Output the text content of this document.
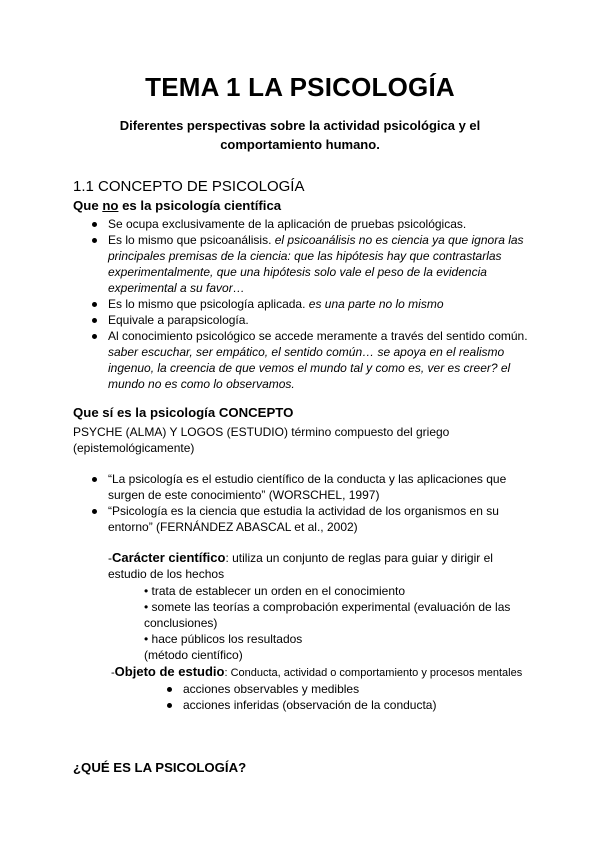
TEMA 1 LA PSICOLOGÍA
Diferentes perspectivas sobre la actividad psicológica y el comportamiento humano.
1.1 CONCEPTO DE PSICOLOGÍA
Que no es la psicología científica
Se ocupa exclusivamente de la aplicación de pruebas psicológicas.
Es lo mismo que psicoanálisis. el psicoanálisis no es ciencia ya que ignora las principales premisas de la ciencia: que las hipótesis hay que contrastarlas experimentalmente, que una hipótesis solo vale el peso de la evidencia experimental a su favor…
Es lo mismo que psicología aplicada. es una parte no lo mismo
Equivale a parapsicología.
Al conocimiento psicológico se accede meramente a través del sentido común. saber escuchar, ser empático, el sentido común… se apoya en el realismo ingenuo, la creencia de que vemos el mundo tal y como es, ver es creer? el mundo no es como lo observamos.
Que sí es la psicología CONCEPTO
PSYCHE (ALMA) Y LOGOS (ESTUDIO) término compuesto del griego (epistemológicamente)
“La psicología es el estudio científico de la conducta y las aplicaciones que surgen de este conocimiento” (WORSCHEL, 1997)
“Psicología es la ciencia que estudia la actividad de los organismos en su entorno” (FERNÁNDEZ ABASCAL et al., 2002)
-Carácter científico: utiliza un conjunto de reglas para guiar y dirigir el estudio de los hechos
• trata de establecer un orden en el conocimiento
• somete las teorías a comprobación experimental (evaluación de las conclusiones)
• hace públicos los resultados
(método científico)
-Objeto de estudio: Conducta, actividad o comportamiento y procesos mentales
acciones observables y medibles
acciones inferidas (observación de la conducta)
¿QUÉ ES LA PSICOLOGÍA?
